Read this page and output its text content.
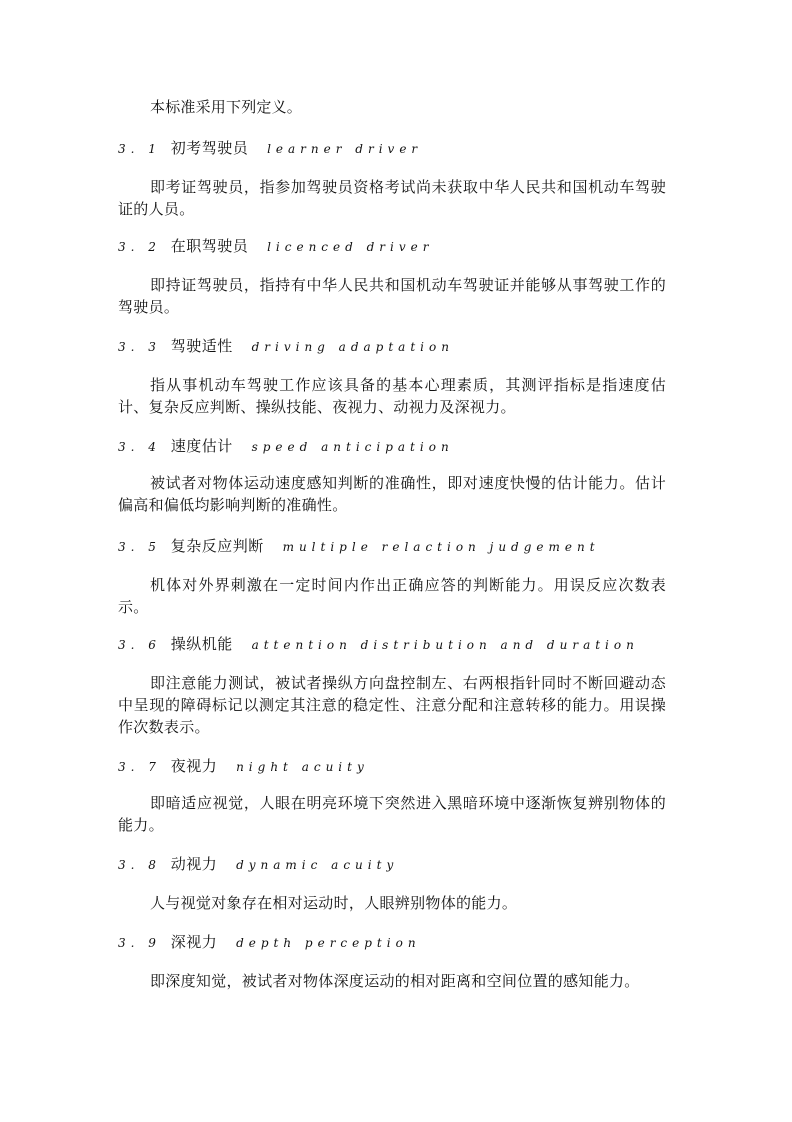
本标准采用下列定义。

3. 1 初考驾驶员 learner driver

即考证驾驶员，指参加驾驶员资格考试尚未获取中华人民共和国机动车驾驶证的人员。

3. 2 在职驾驶员 licenced driver

即持证驾驶员，指持有中华人民共和国机动车驾驶证并能够从事驾驶工作的驾驶员。

3. 3 驾驶适性 driving adaptation

指从事机动车驾驶工作应该具备的基本心理素质，其测评指标是指速度估计、复杂反应判断、操纵技能、夜视力、动视力及深视力。

3. 4 速度估计 speed anticipation

被试者对物体运动速度感知判断的准确性，即对速度快慢的估计能力。估计偏高和偏低均影响判断的准确性。

3. 5 复杂反应判断 multiple relaction judgement

机体对外界刺激在一定时间内作出正确应答的判断能力。用误反应次数表示。

3. 6 操纵机能 attention distribution and duration

即注意能力测试，被试者操纵方向盘控制左、右两根指针同时不断回避动态中呈现的障碍标记以测定其注意的稳定性、注意分配和注意转移的能力。用误操作次数表示。

3. 7 夜视力 night acuity

即暗适应视觉，人眼在明亮环境下突然进入黑暗环境中逐渐恢复辨别物体的能力。

3. 8 动视力 dynamic acuity

人与视觉对象存在相对运动时，人眼辨别物体的能力。

3. 9 深视力 depth perception

即深度知觉，被试者对物体深度运动的相对距离和空间位置的感知能力。
